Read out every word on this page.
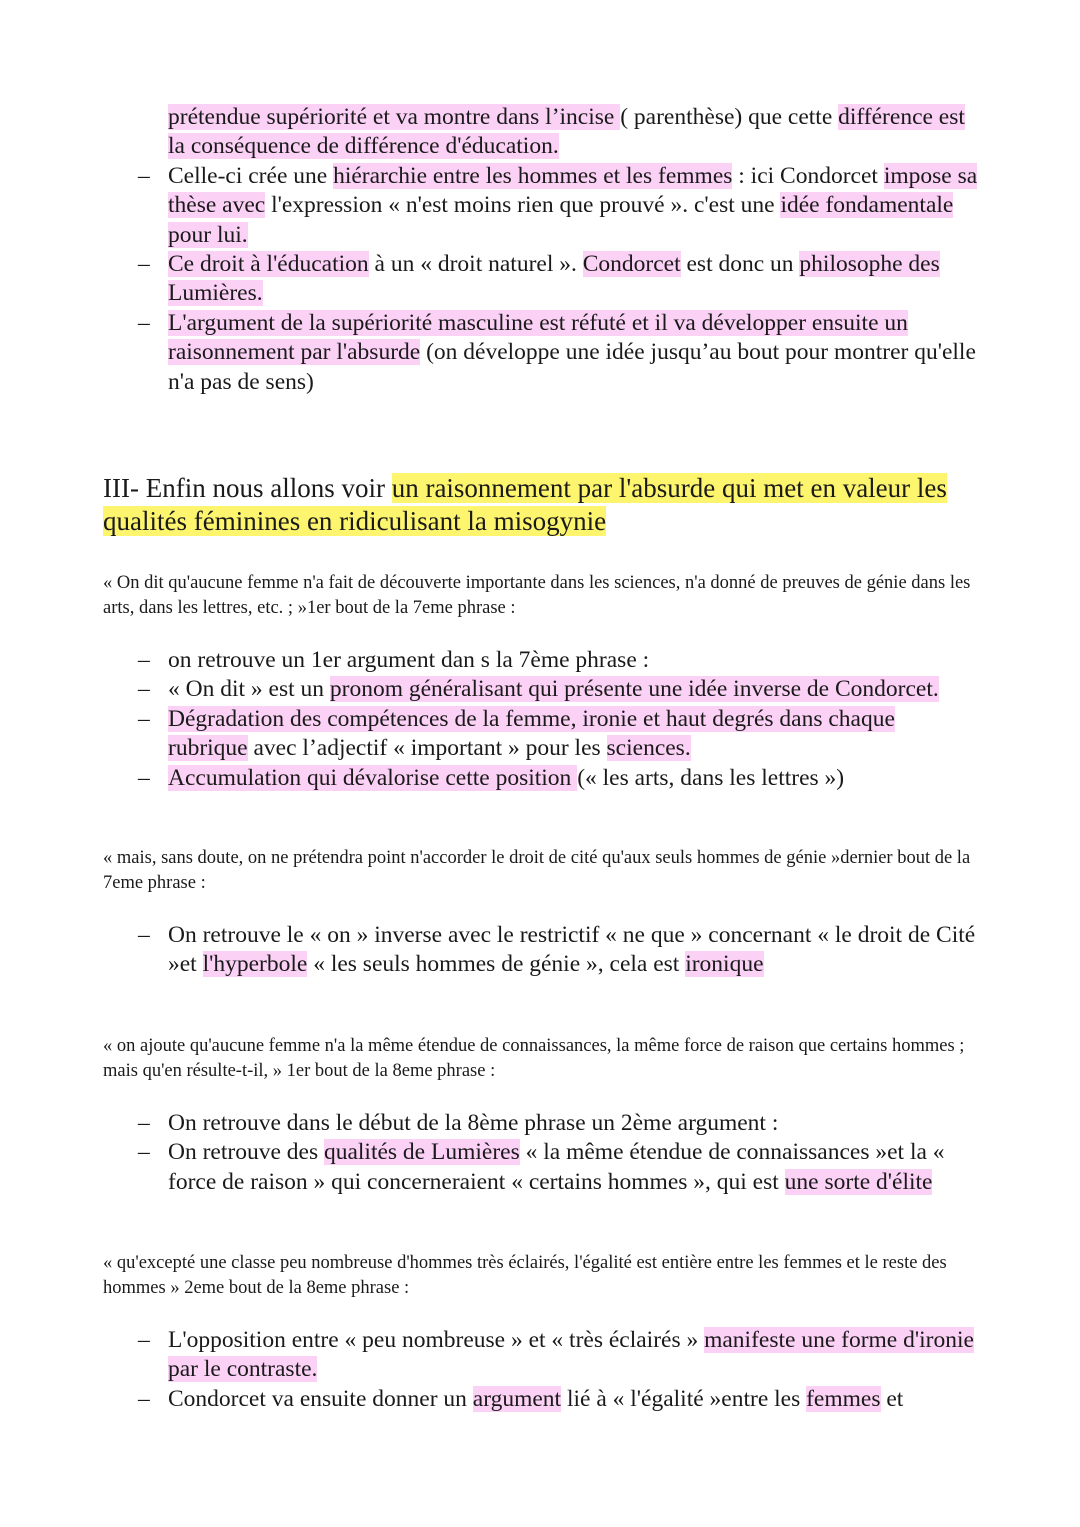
prétendue supériorité et va montre dans l’incise ( parenthèse) que cette différence est la conséquence de différence d'éducation.
– Celle-ci crée une hiérarchie entre les hommes et les femmes : ici Condorcet impose sa thèse avec l'expression « n'est moins rien que prouvé ». c'est une idée fondamentale pour lui.
– Ce droit à l'éducation à un « droit naturel ». Condorcet est donc un philosophe des Lumières.
– L'argument de la supériorité masculine est réfuté et il va développer ensuite un raisonnement par l'absurde (on développe une idée jusqu’au bout pour montrer qu'elle n'a pas de sens)
III- Enfin nous allons voir un raisonnement par l'absurde qui met en valeur les qualités féminines en ridiculisant la misogynie

« On dit qu'aucune femme n'a fait de découverte importante dans les sciences, n'a donné de preuves de génie dans les arts, dans les lettres, etc. ; »1er bout de la 7eme phrase :

– on retrouve un 1er argument dan s la 7ème phrase :
– « On dit » est un pronom généralisant qui présente une idée inverse de Condorcet.
– Dégradation des compétences de la femme, ironie et haut degrés dans chaque rubrique avec l’adjectif « important » pour les sciences.
– Accumulation qui dévalorise cette position (« les arts, dans les lettres »)

« mais, sans doute, on ne prétendra point n'accorder le droit de cité qu'aux seuls hommes de génie »dernier bout de la 7eme phrase :

– On retrouve le « on » inverse avec le restrictif « ne que » concernant « le droit de Cité »et l'hyperbole « les seuls hommes de génie », cela est ironique

« on ajoute qu'aucune femme n'a la même étendue de connaissances, la même force de raison que certains hommes ; mais qu'en résulte-t-il, » 1er bout de la 8eme phrase :

– On retrouve dans le début de la 8ème phrase un 2ème argument :
– On retrouve des qualités de Lumières « la même étendue de connaissances »et la « force de raison » qui concerneraient « certains hommes », qui est une sorte d'élite

« qu'excepté une classe peu nombreuse d'hommes très éclairés, l'égalité est entière entre les femmes et le reste des hommes » 2eme bout de la 8eme phrase :

– L'opposition entre « peu nombreuse » et « très éclairés » manifeste une forme d'ironie par le contraste.
– Condorcet va ensuite donner un argument lié à « l'égalité »entre les femmes et
